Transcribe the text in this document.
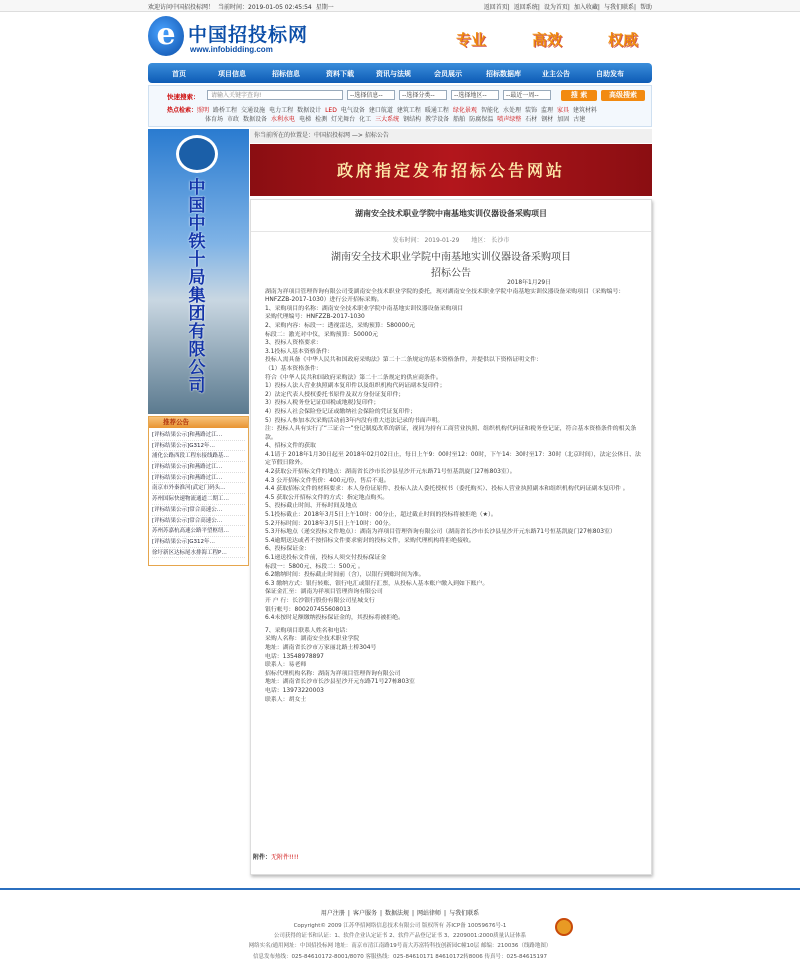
欢迎访问中国招投标网！ 当前时间：2019-01-05 02:45:54 星期一	返回首页| 返回系统| 设为首页| 加入收藏| 与我们联系| 帮助
e 中国招投标网
www.infobidding.com
专业	高效	权威
首页	项目信息	招标信息	资料下载	资讯与法规	会员展示	招标数据库	业主公告	自助发布
快速搜索：	请输入关键字查询!	--选择信息--	--选择分类--	--选择地区--	--最近一周--	搜 索	高级搜索
热点检索：照明 路桥工程 交通设施 电力工程 数据设计 LED 电气设备 建口航道 建筑工程 暖通工程 绿化景观 智能化 水处理 装饰 监理 家具 建筑材料
体育场 市政 数据设备 水利水电 电梯 检测 灯光舞台 化工 三大系统 钢结构 教学设备 船舶 防腐保温 喷声绿整 石材 钢材 加固 古建
中国中铁十局集团有限公司
推荐公告
[评标结果公示]和燕路过江…
[评标结果公示]G312年…
浦化公路西段工程东接线路基…
[评标结果公示]和燕路过江…
[评标结果公示]和燕路过江…
南京市外秦淮河(武定门码头…
苏州国际快速物流通道二期工…
[评标结果公示]常合高速公…
[评标结果公示]常合高速公…
苏州苏嘉杭高速公路平望枢纽…
[评标结果公示]G312年…
徐圩新区达标尾水排海工程P…
你当前所在的位置是：中国招投标网 —> 招标公告
政府指定发布招标公告网站
湖南安全技术职业学院中南基地实训仪器设备采购项目
发布时间： 2019-01-29 地区： 长沙市
湖南安全技术职业学院中南基地实训仪器设备采购项目
招标公告

2018年1月29日

湖南为祥项目管理咨询有限公司受湖南安全技术职业学院的委托，现对湖南安全技术职业学院中南基地实训仪器设备采购项目（采购编号：HNFZZB-2017-1030）进行公开招标采购。

1、采购项目的名称：湖南安全技术职业学院中南基地实训仪器设备采购项目

采购代理编号：HNFZZB-2017-1030

2、采购内容：标段一：透视雷达，采购预算：580000元

标段二：激光对中仪，采购预算：50000元

3、投标人资格要求：

3.1投标人基本资格条件：

投标人需具备《中华人民共和国政府采购法》第二十二条规定的基本资格条件，并提供以下资格证明文件：

（1）基本资格条件：

符合《中华人民共和国政府采购法》第二十二条规定的供应商条件。

1）投标人法人营业执照副本复印件以及组织机构代码证副本复印件；

2）法定代表人授权委托书原件及双方身份证复印件；

3）投标人税务登记证(国税或地税)复印件；

4）投标人社会保险登记证或缴纳社会保险的凭证复印件；

5）投标人参加本次采购活动前3年内没有重大违法记录的书面声明。

注：投标人具有实行了“三证合一”登记制度改革的新证，视同为持有工商营业执照、组织机构代码证和税务登记证，符合基本资格条件的相关条款。

4、招标文件的获取

4.1请于 2018年1月30日起至 2018年02月02日止，每日上午9：00时至12：00时，下午14：30时至17：30时（北京时间），法定公休日、法定节假日除外。

4.2获取公开招标文件的地点：湖南省长沙市长沙县星沙开元东路71号恒基凯旋门27栋803室）。

4.3 公开招标文件售价：400元/份，售后不退。

4.4 获取招标文件的材料要求：本人身份证原件、投标人法人委托授权书（委托购买）、投标人营业执照副本和组织机构代码证副本复印件 。

4.5 获取公开招标文件的方式：指定地点购买。

5、投标截止时间、开标时间及地点

5.1投标截止：2018年3月5日上午10时：00分止，超过截止时间的投标将被拒绝（★）。

5.2开标时间：2018年3月5日上午10时：00分。

5.3开标地点（递交投标文件地点）：湖南为祥项目管理咨询有限公司（湖南省长沙市长沙县星沙开元东路71号恒基凯旋门27栋803室）

5.4逾期送达或者不按招标文件要求密封的投标文件，采购代理机构将拒绝接收。

6、投标保证金：

6.1递送投标文件前，投标人须交付投标保证金

标段一：5800元、标段二：500元 。

6.2缴纳时间：投标截止时间前（含），以银行到账时间为准。

6.3 缴纳方式：银行转账、银行电汇或银行汇票，从投标人基本账户缴入到如下账户。

保证金汇至：湖南为祥项目管理咨询有限公司

开 户 行：长沙银行股份有限公司星城支行

银行帐号：800207455608013

6.4未按时足额缴纳投标保证金的，其投标将被拒绝。

7、采购项目联系人姓名和电话：

采购人名称：湖南安全技术职业学院

地址：湖南省长沙市万家丽北路土桥304号

电话：13548978897

联系人：易老师

招标代理机构名称：湖南为祥项目管理咨询有限公司

地址：湖南省长沙市长沙县星沙开元东路71号27栋803室

电话：13973220003

联系人：胡女士

附件：无附件!!!!
用户注册 | 客户服务 | 数据法规 | 网站律师 | 与我们联系

Copyright© 2009 江苏华招网络信息技术有限公司 版权所有 苏ICP备 10059676号-1

公司获得的证书和认证：1、软件企业认定证书 2、软件产品登记证书 3、2209001:2000质量认证体系

网络实名/通用网址：中国招投标网 地址：南京市清江南路19号南大苏富特科技创新园C幢10层 邮编：210036（线路地图）

信息发布热线：025-84610172-8001/8070 客服热线：025-84610171 84610172转8006 传真号：025-84615197
